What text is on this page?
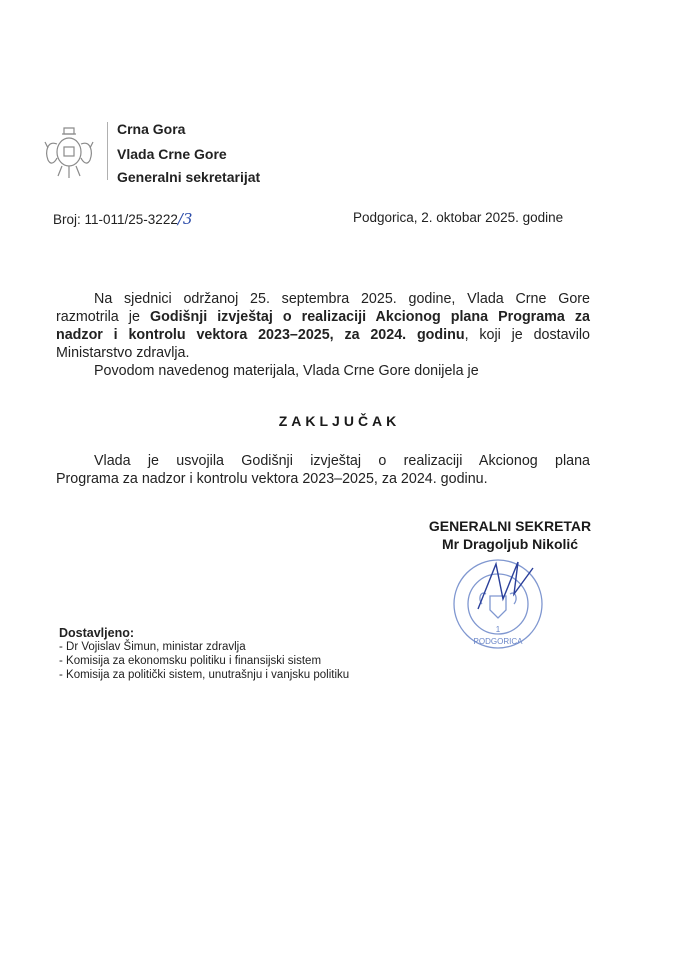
Crna Gora
Vlada Crne Gore
Generalni sekretarijat
Broj: 11-011/25-3222/3	Podgorica, 2. oktobar 2025. godine
Na sjednici održanoj 25. septembra 2025. godine, Vlada Crne Gore
razmotrila je Godišnji izvještaj o realizaciji Akcionog plana Programa za
nadzor i kontrolu vektora 2023–2025, za 2024. godinu, koji je dostavilo
Ministarstvo zdravlja.
Povodom navedenog materijala, Vlada Crne Gore donijela je
ZAKLJUČAK
Vlada je usvojila Godišnji izvještaj o realizaciji Akcionog plana
Programa za nadzor i kontrolu vektora 2023–2025, za 2024. godinu.
GENERALNI SEKRETAR
Mr Dragoljub Nikolić
1
PODGORICA
Dostavljeno:
- Dr Vojislav Šimun, ministar zdravlja
- Komisija za ekonomsku politiku i finansijski sistem
- Komisija za politički sistem, unutrašnju i vanjsku politiku
